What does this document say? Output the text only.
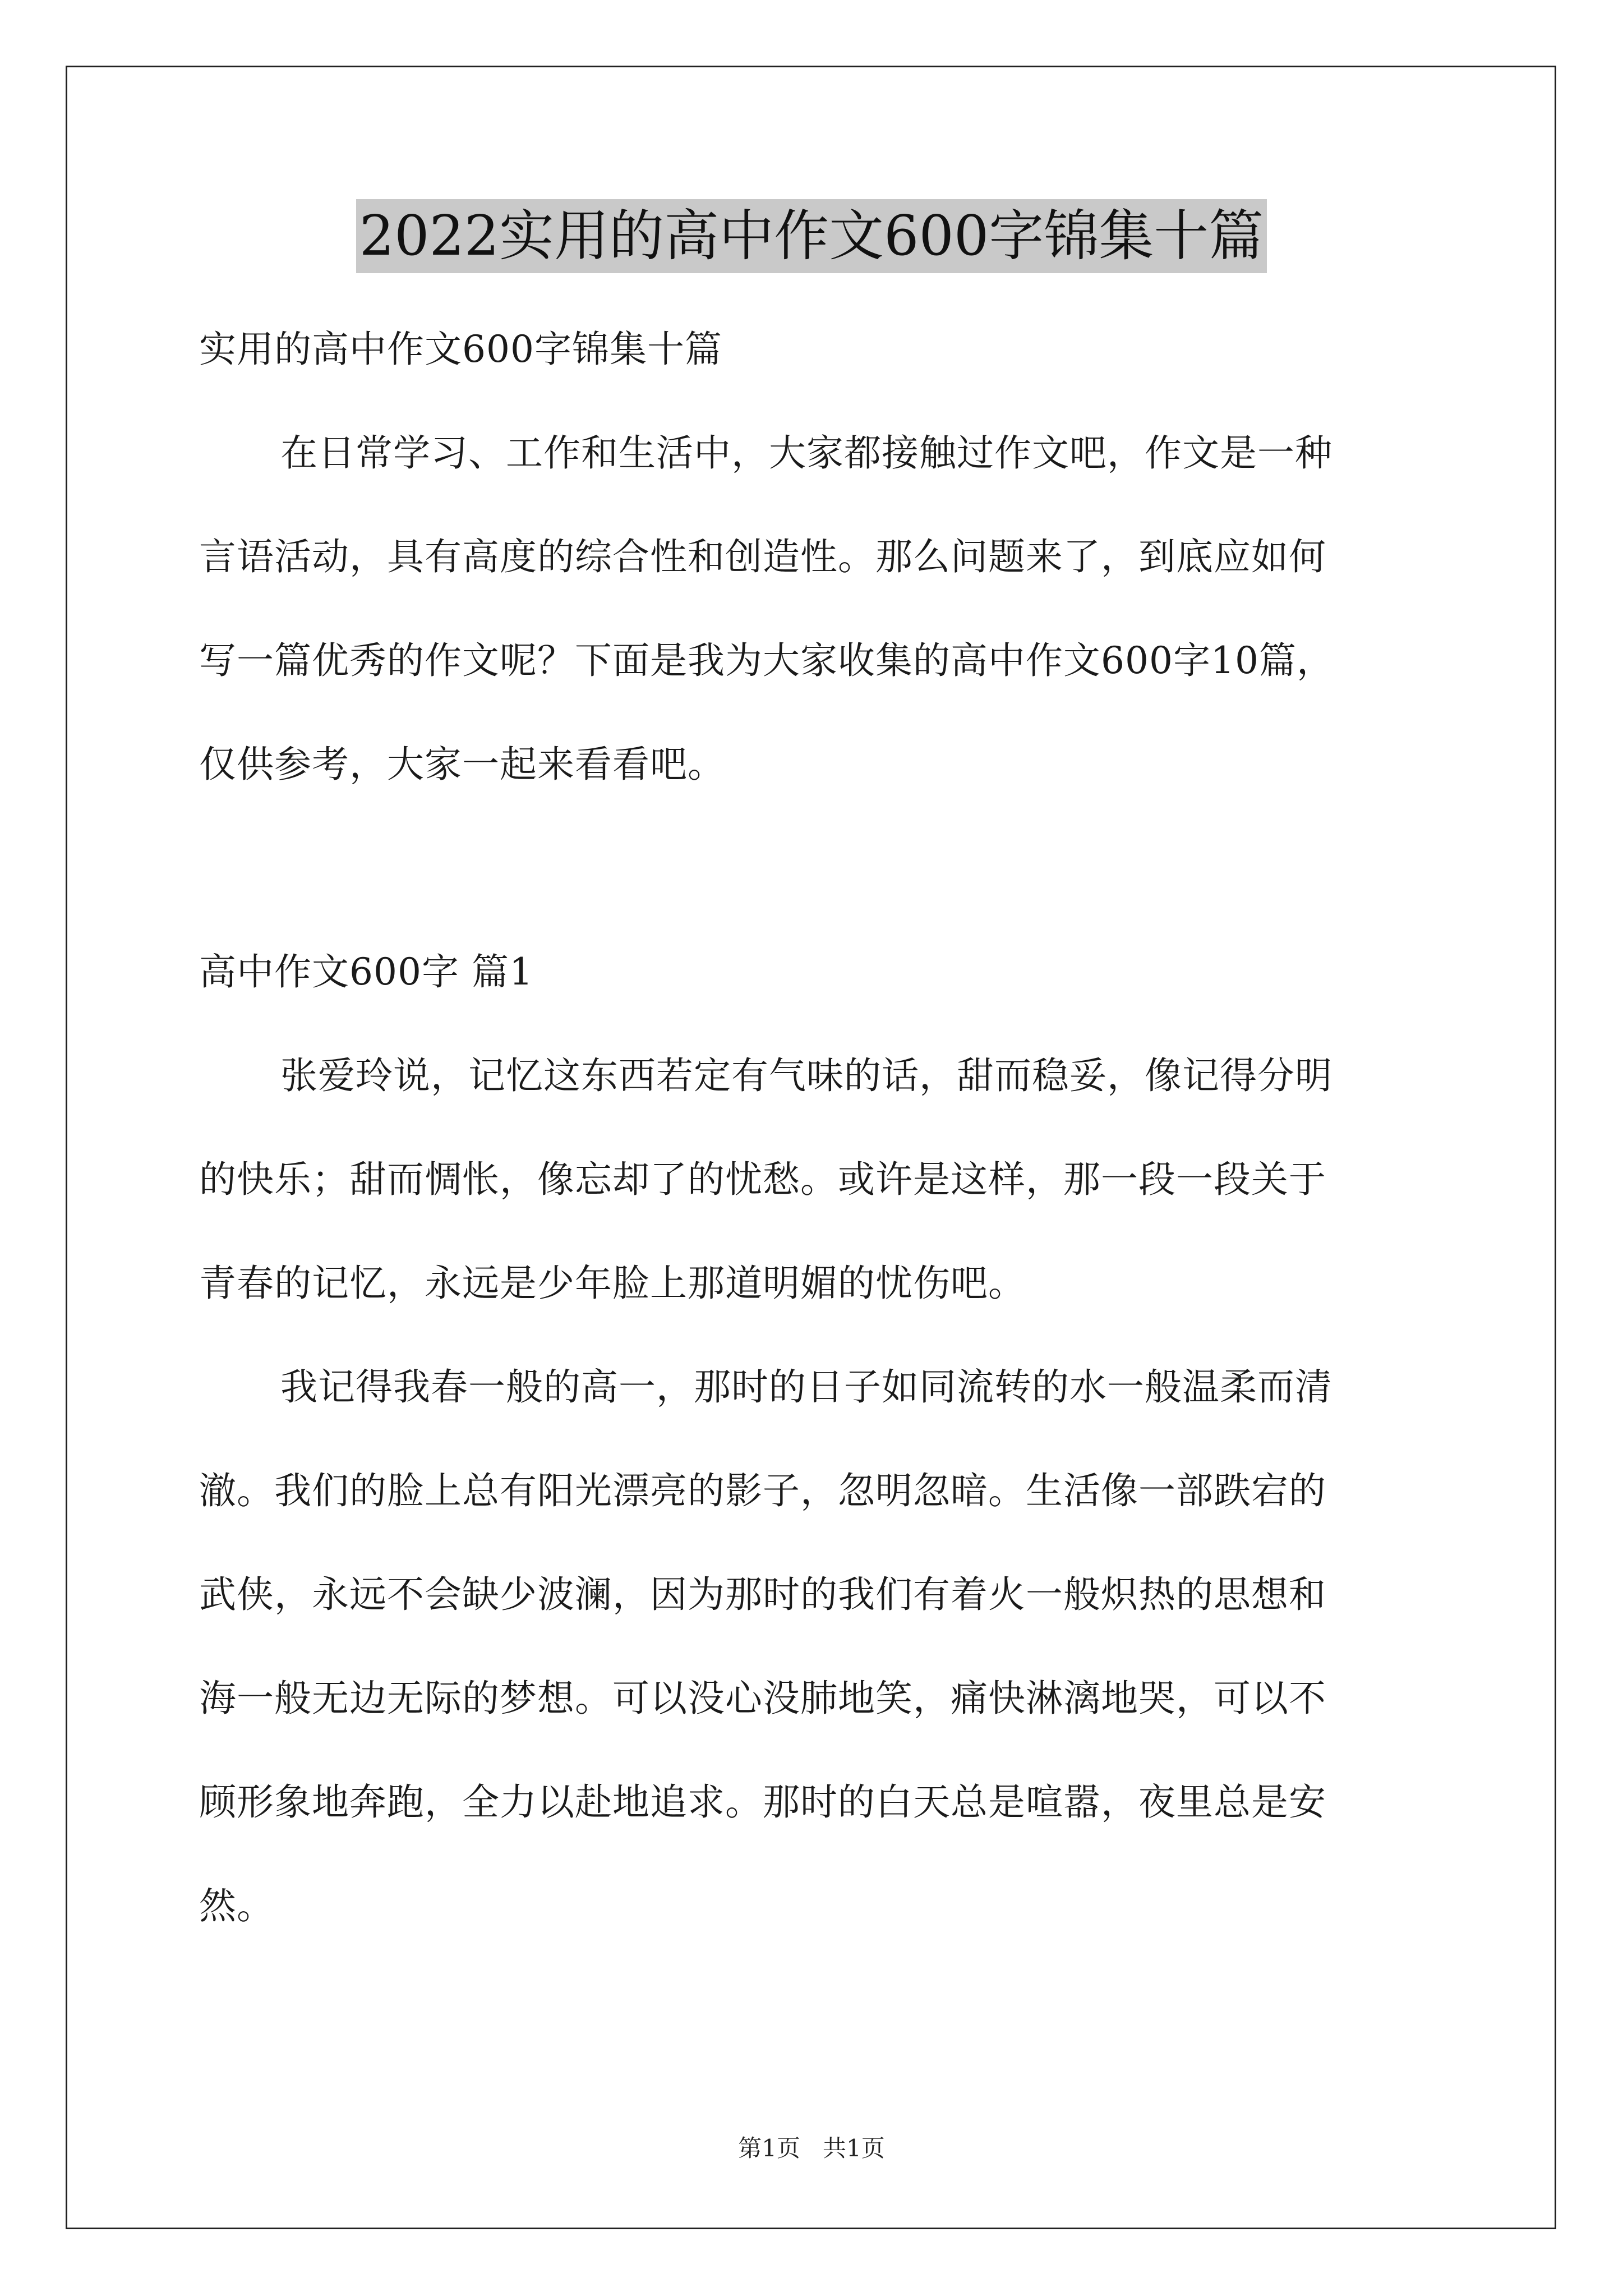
2022实用的高中作文600字锦集十篇
实用的高中作文600字锦集十篇
在日常学习、工作和生活中，大家都接触过作文吧，作文是一种
言语活动，具有高度的综合性和创造性。那么问题来了，到底应如何
写一篇优秀的作文呢？下面是我为大家收集的高中作文600字10篇，
仅供参考，大家一起来看看吧。
高中作文600字 篇1
张爱玲说，记忆这东西若定有气味的话，甜而稳妥，像记得分明
的快乐；甜而惆怅，像忘却了的忧愁。或许是这样，那一段一段关于
青春的记忆，永远是少年脸上那道明媚的忧伤吧。
我记得我春一般的高一，那时的日子如同流转的水一般温柔而清
澈。我们的脸上总有阳光漂亮的影子，忽明忽暗。生活像一部跌宕的
武侠，永远不会缺少波澜，因为那时的我们有着火一般炽热的思想和
海一般无边无际的梦想。可以没心没肺地笑，痛快淋漓地哭，可以不
顾形象地奔跑，全力以赴地追求。那时的白天总是喧嚣，夜里总是安
然。
第1页   共1页
